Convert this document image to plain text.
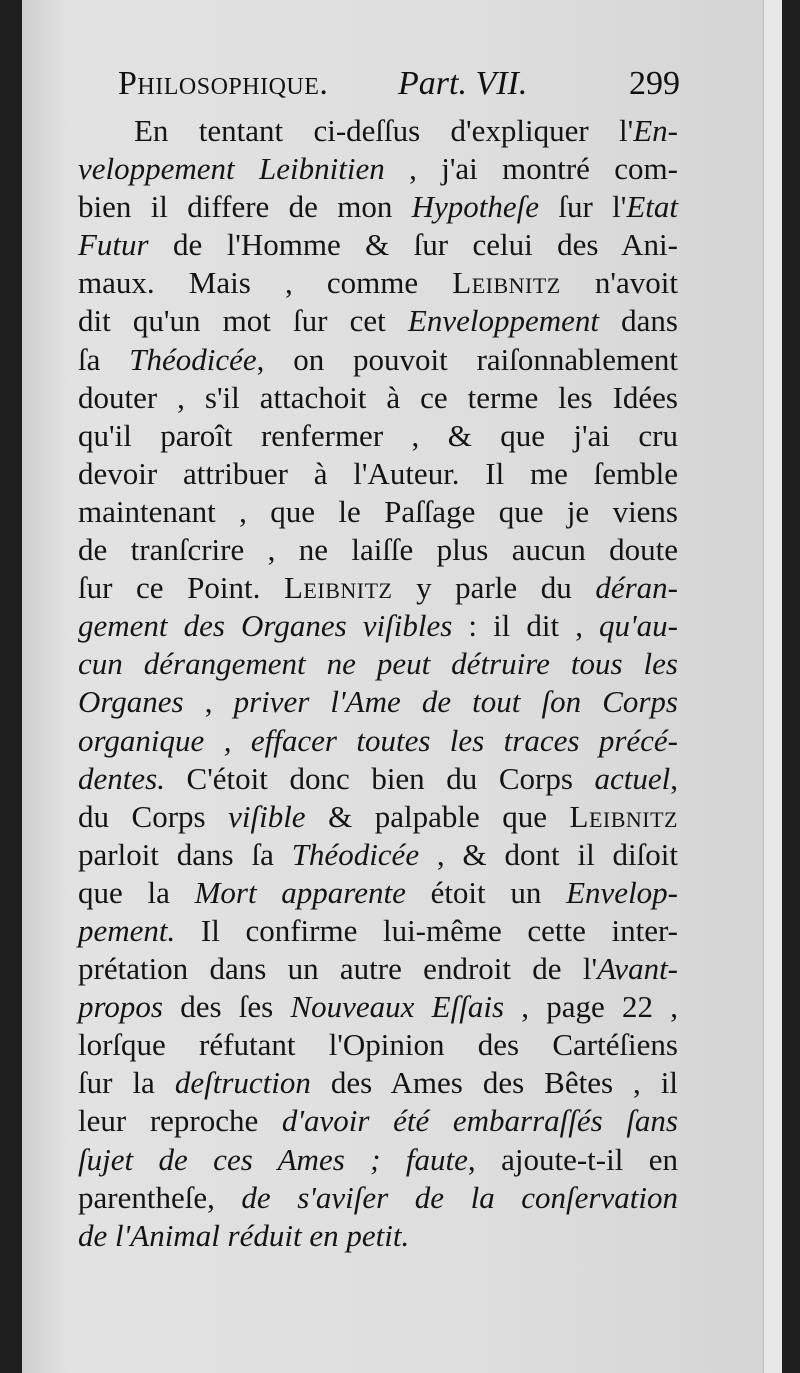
Philosophique. Part. VII.	299
En tentant ci-deſſus d'expliquer l'En-
veloppement Leibnitien , j'ai montré com-
bien il differe de mon Hypotheſe ſur l'Etat
Futur de l'Homme & ſur celui des Ani-
maux. Mais , comme Leibnitz n'avoit
dit qu'un mot ſur cet Enveloppement dans
ſa Théodicée, on pouvoit raiſonnablement
douter , s'il attachoit à ce terme les Idées
qu'il paroît renfermer , & que j'ai cru
devoir attribuer à l'Auteur. Il me ſemble
maintenant , que le Paſſage que je viens
de tranſcrire , ne laiſſe plus aucun doute
ſur ce Point. Leibnitz y parle du déran-
gement des Organes viſibles : il dit , qu'au-
cun dérangement ne peut détruire tous les
Organes , priver l'Ame de tout ſon Corps
organique , effacer toutes les traces précé-
dentes. C'étoit donc bien du Corps actuel,
du Corps viſible & palpable que Leibnitz
parloit dans ſa Théodicée , & dont il diſoit
que la Mort apparente étoit un Envelop-
pement. Il confirme lui-même cette inter-
prétation dans un autre endroit de l'Avant-
propos des ſes Nouveaux Eſſais , page 22 ,
lorſque réfutant l'Opinion des Cartéſiens
ſur la deſtruction des Ames des Bêtes , il
leur reproche d'avoir été embarraſſés ſans
ſujet de ces Ames ; faute, ajoute-t-il en
parentheſe, de s'aviſer de la conſervation
de l'Animal réduit en petit.
